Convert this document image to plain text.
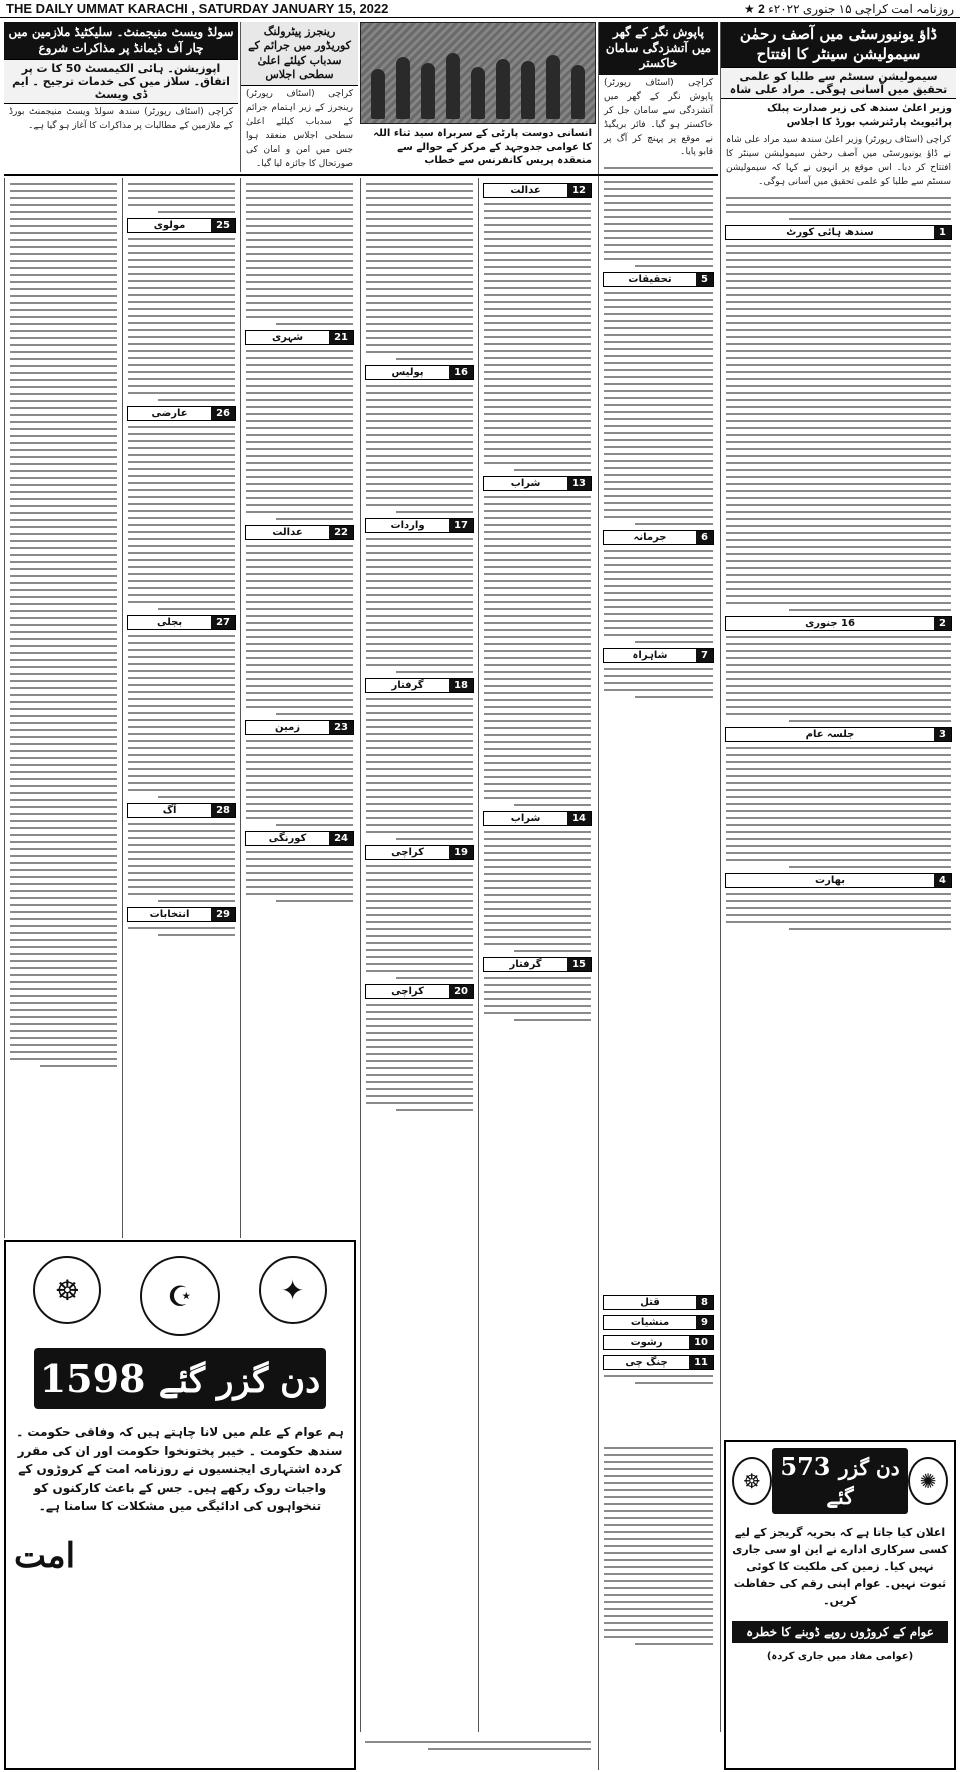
THE DAILY UMMAT KARACHI , SATURDAY JANUARY 15, 2022	روزنامہ امت کراچی ۱۵ جنوری ۲۰۲۲ء 2 ★
ڈاؤ یونیورسٹی میں آصف رحمٰن سیمولیشن سینٹر کا افتتاح
سیمولیشن سسٹم سے طلبا کو علمی تحقیق میں آسانی ہوگی۔ مراد علی شاہ
وزیر اعلیٰ سندھ کی زیر صدارت پبلک پرائیویٹ پارٹنرشپ بورڈ کا اجلاس
کراچی (اسٹاف رپورٹر) وزیر اعلیٰ سندھ سید مراد علی شاہ نے ڈاؤ یونیورسٹی میں آصف رحمٰن سیمولیشن سینٹر کا افتتاح کر دیا۔ اس موقع پر انہوں نے کہا کہ سیمولیشن سسٹم سے طلبا کو علمی تحقیق میں آسانی ہوگی۔
1
سندھ ہائی کورٹ
2
16 جنوری
3
جلسہ عام
4
بھارت
پاپوش نگر کے گھر میں آتشزدگی سامان خاکستر
کراچی (اسٹاف رپورٹر) پاپوش نگر کے گھر میں آتشزدگی سے سامان جل کر خاکستر ہو گیا۔ فائر بریگیڈ نے موقع پر پہنچ کر آگ پر قابو پایا۔
5
تحقیقات
6
جرمانہ
7
شاہراہ
انسانی دوست پارٹی کے سربراہ سید ثناء اللہ کا عوامی جدوجہد کے مرکز کے حوالے سے منعقدہ پریس کانفرنس سے خطاب
رینجرز پیٹرولنگ کوریڈور میں جرائم کے سدباب کیلئے اعلیٰ سطحی اجلاس
کراچی (اسٹاف رپورٹر) رینجرز کے زیر اہتمام جرائم کے سدباب کیلئے اعلیٰ سطحی اجلاس منعقد ہوا جس میں امن و امان کی صورتحال کا جائزہ لیا گیا۔
سولڈ ویسٹ منیجمنٹ۔ سلیکٹیڈ ملازمین میں چار آف ڈیمانڈ پر مذاکرات شروع
اپوزیشن۔ ہائی الکیمسٹ 50 کا ت پر اتفاق۔ سلاز میں کی خدمات ترجیح ۔ ایم ڈی ویسٹ
کراچی (اسٹاف رپورٹر) سندھ سولڈ ویسٹ منیجمنٹ بورڈ کے ملازمین کے مطالبات پر مذاکرات کا آغاز ہو گیا ہے۔
12
عدالت
13
شراب
14
شراب
15
گرفتار
16
پولیس
17
واردات
18
گرفتار
19
کراچی
20
کراچی
21
شہری
22
عدالت
23
زمین
24
کورنگی
25
مولوی
26
عارضی
27
بجلی
28
آگ
29
انتخابات
8
قتل
9
منشیات
10
رشوت
11
چنگ چی
☸	☪	✦
1598 دن گزر گئے
ہم عوام کے علم میں لانا چاہتے ہیں کہ وفاقی حکومت ۔ سندھ حکومت ۔ خیبر پختونخوا حکومت اور ان کی مقرر کردہ اشتہاری ایجنسیوں نے روزنامہ امت کے کروڑوں کے واجبات روک رکھے ہیں۔ جس کے باعث کارکنوں کو تنخواہوں کی ادائیگی میں مشکلات کا سامنا ہے۔
امت
☸ 573 دن گزر گئے
✺
اعلان کیا جاتا ہے کہ بحریہ گریجز کے لیے کسی سرکاری ادارے نے این او سی جاری نہیں کیا۔ زمین کی ملکیت کا کوئی ثبوت نہیں۔ عوام اپنی رقم کی حفاظت کریں۔
عوام کے کروڑوں روپے ڈوبنے کا خطرہ
(عوامی مفاد میں جاری کردہ)
